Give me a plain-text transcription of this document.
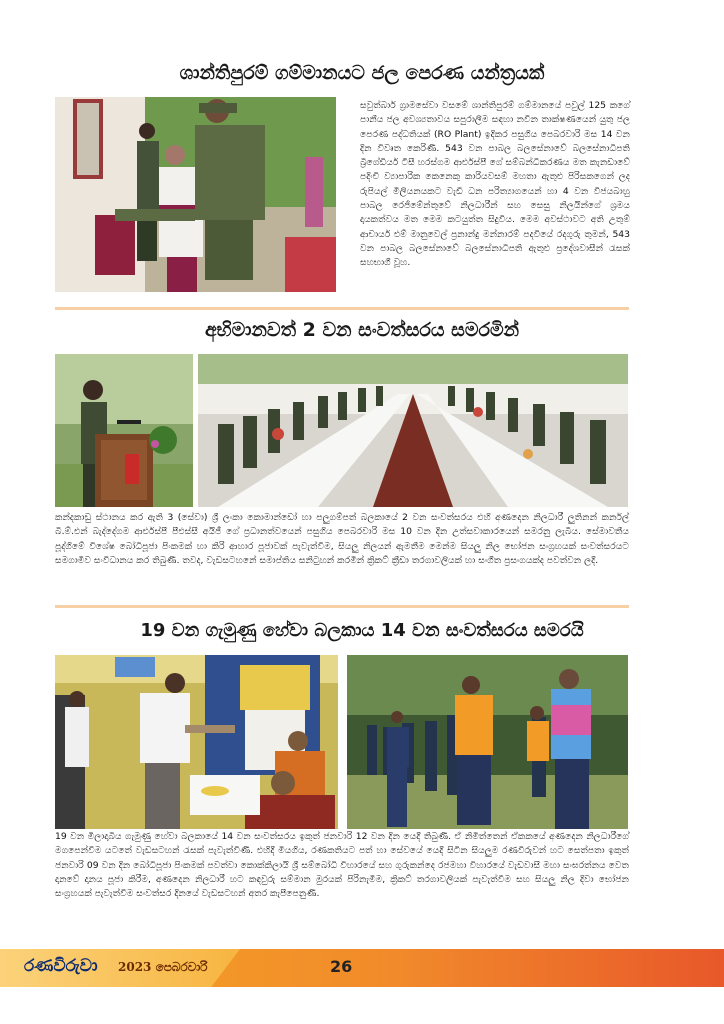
ශාන්තිපුරම් ගම්මානයට ජල පෙරණ යන්ත්‍රයක්
සවුත්බාර් ග්‍රාමසේවා වසමේ ශාන්තිපුරම් ගම්මානයේ පවුල් 125 කගේ පානීය ජල අවශ්‍යතාවය සපුරාලීම සඳහා නවීන තාක්ෂණයෙන් යුතු ජල පෙරණ පද්ධතියක් (RO Plant) ඉදිකර පසුගිය පෙබරවාරි මස 14 වන දින විවෘත කෙරිණි. 543 වන පාබල බලසේනාවේ බලසේනාධිපති බ්‍රිගේඩියර් ටීසී හරස්ගම ආර්එස්පී ගේ සම්බන්ධීකරණය මත කැනඩාවේ පදිංචි ව්‍යාපාරික කෙනෙකු කාරියවසම් මහතා ඇතුළු පිරිසකගෙන් ලද රුපියල් මිලියනයකට වැඩි ධන පරිත්‍යාගයෙන් හා 4 වන විජයබාහු පාබල රෙජිමේන්තුවේ නිලධාරීන් සහ සෙසු නිලයින්ගේ ශ්‍රමය දායකත්වය මත මෙම කටයුත්ත සිදුවිය. මෙම අවස්ථාවට අති උතුම් ආචාර්ය එම් මානුවෙල් ප්‍රනාන්දු මන්නාරම් පදවියේ රදගුරු තුමන්, 543 වන පාබල බලසේනාවේ බලසේනාධිපති ඇතුළු ප්‍රදේශවාසීන් රැසක් සහභාගී වූහ.
අභිමානවත් 2 වන සංවත්සරය සමරමින්
කන්දකාඩු ස්ථානය කර ඇති 3 (සේවා) ශ්‍රී ලංකා කොමාන්ඩෝ හා පලුගම්පත් බලකායේ 2 වන සංවත්සරය එහි අණදෙන නිලධාරී ලුතිනන් කර්නල් බී.ම්.එන් බැද්දේගම ආර්එස්පී පීඑස්සී අයිජී ගේ ප්‍රධානත්වයෙන් පසුගිය පෙබරවාරි මස 10 වන දින උත්සවාකාරයෙන් සමරනු ලැබීය. සේමාවතීය පූද්ගිමේ විශේෂ බෝධිපූජා පිංකමක් හා කිරි ආහාර පූජාවක් පැවැත්වීම, සියලු නිලයන් ඇමතීම මෙන්ම සියලු නිල භෝජන සංග්‍රහයක් සංවත්සරයට සමගාමීව සංවිධානය කර තිබුණි. තවද, වැඩසටහනේ සමාප්තිය සනිටුහන් කරමින් ක්‍රිකට් ක්‍රීඩා තරගාවලියක් හා සංගීත ප්‍රසංගයක්ද පවත්වන ලදී.
19 වන ගැමුණු හේවා බලකාය 14 වන සංවත්සරය සමරයි
19 වන මිලාදාබිය ගැමුණු හේවා බලකායේ 14 වන සංවත්සරය ඉකුත් ජනවාරි 12 වන දින යෙදී තිබුණි. ඒ නිමිත්තෙන් ඒකකයේ අණදෙන නිලධාරීගේ මගපෙන්වීම යටතේ වැඩසටහන් රැසක් පැවැත්විණි. එහිදී මියගිය, රණකතියට පත් හා සේවයේ යෙදී සිටින සියලුම රණවිරුවන් හට සෙත්පතා ඉකුත් ජනවාරි 09 වන දින බෝධිපූජා පිංකමක් පවත්වා කොක්කිලායි ශ්‍රී සම්බෝධි විහාරයේ සහ ගුරුකන්දෙ රජමහා විහාරයේ වැඩවාසී මහා සංඝරත්නය වෙත දානවේ දානය පූජා කිරීම, අණදෙන නිලධාරී හට කඳවුරු සම්මාන මුරයක් පිරිනැමීම, ක්‍රිකට් තරගාවලියක් පැවැත්වීම සහ සියලු නිල දිවා භෝජන සංග්‍රහයක් පැවැත්වීම සංවත්සර දිනයේ වැඩසටහන් අතර කැපීපෙනුණි.
රණවිරුවා 2023 පෙබරවාරි	26
